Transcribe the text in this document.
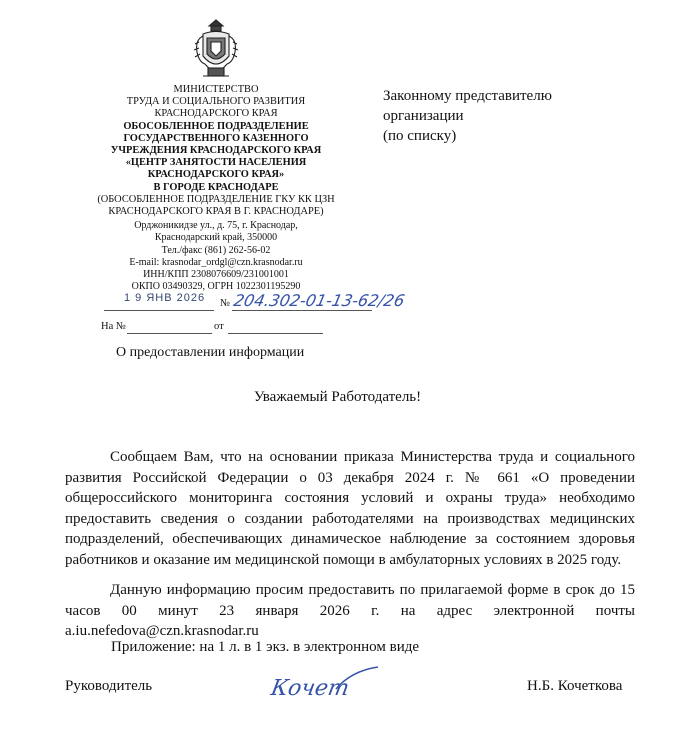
МИНИСТЕРСТВО
ТРУДА И СОЦИАЛЬНОГО РАЗВИТИЯ
КРАСНОДАРСКОГО КРАЯ
ОБОСОБЛЕННОЕ ПОДРАЗДЕЛЕНИЕ
ГОСУДАРСТВЕННОГО КАЗЕННОГО
УЧРЕЖДЕНИЯ КРАСНОДАРСКОГО КРАЯ
«ЦЕНТР ЗАНЯТОСТИ НАСЕЛЕНИЯ
КРАСНОДАРСКОГО КРАЯ»
В ГОРОДЕ КРАСНОДАРЕ
(ОБОСОБЛЕННОЕ ПОДРАЗДЕЛЕНИЕ ГКУ КК ЦЗН
КРАСНОДАРСКОГО КРАЯ В Г. КРАСНОДАРЕ)
Орджоникидзе ул., д. 75, г. Краснодар,
Краснодарский край, 350000
Тел./факс (861) 262-56-02
E-mail: krasnodar_ordgl@czn.krasnodar.ru
ИНН/КПП 2308076609/231001001
ОКПО 03490329, ОГРН 1022301195290
Законному представителю
организации
(по списку)
1 9 ЯНВ 2026 № 204.302-01-13-62/26
На №	от
О предоставлении информации
Уважаемый Работодатель!
Сообщаем Вам, что на основании приказа Министерства труда и социального развития Российской Федерации о 03 декабря 2024 г. № 661 «О проведении общероссийского мониторинга состояния условий и охраны труда» необходимо предоставить сведения о создании работодателями на производствах медицинских подразделений, обеспечивающих динамическое наблюдение за состоянием здоровья работников и оказание им медицинской помощи в амбулаторных условиях в 2025 году.
Данную информацию просим предоставить по прилагаемой форме в срок до 15 часов 00 минут 23 января 2026 г. на адрес электронной почты a.iu.nefedova@czn.krasnodar.ru
Приложение: на 1 л. в 1 экз. в электронном виде
Руководитель	Кочет	Н.Б. Кочеткова
